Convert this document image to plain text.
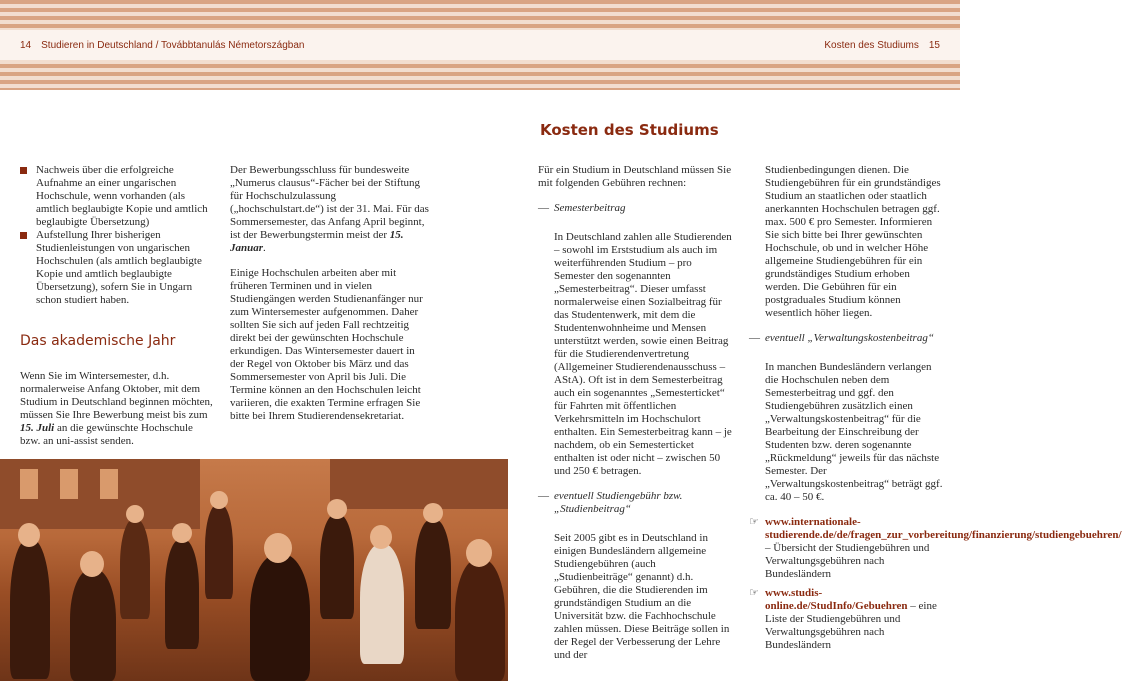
14 Studieren in Deutschland / Továbbtanulás Németországban	Kosten des Studiums 15
Kosten des Studiums
Nachweis über die erfolgreiche Aufnahme an einer ungarischen Hochschule, wenn vorhanden (als amtlich beglaubigte Kopie und amtlich beglaubigte Übersetzung)
Aufstellung Ihrer bisherigen Studienleistungen von ungarischen Hochschulen (als amtlich beglaubigte Kopie und amtlich beglaubigte Übersetzung), sofern Sie in Ungarn schon studiert haben.
Das akademische Jahr

Wenn Sie im Wintersemester, d.h. normalerweise Anfang Oktober, mit dem Studium in Deutschland beginnen möchten, müssen Sie Ihre Bewerbung meist bis zum 15. Juli an die gewünschte Hochschule bzw. an uni-assist senden.

Der Bewerbungsschluss für bundesweite „Numerus clausus“-Fächer bei der Stiftung für Hochschulzulassung („hochschulstart.de“) ist der 31. Mai. Für das Sommersemester, das Anfang April beginnt, ist der Bewerbungstermin meist der 15. Januar.

Einige Hochschulen arbeiten aber mit früheren Terminen und in vielen Studiengängen werden Studienanfänger nur zum Wintersemester aufgenommen. Daher sollten Sie sich auf jeden Fall rechtzeitig direkt bei der gewünschten Hochschule erkundigen. Das Wintersemester dauert in der Regel von Oktober bis März und das Sommersemester von April bis Juli. Die Termine können an den Hochschulen leicht variieren, die exakten Termine erfragen Sie bitte bei Ihrem Studierendensekretariat.

Für ein Studium in Deutschland müssen Sie mit folgenden Gebühren rechnen:

— Semesterbeitrag

In Deutschland zahlen alle Studierenden – sowohl im Erststudium als auch im weiterführenden Studium – pro Semester den sogenannten „Semesterbeitrag“. Dieser umfasst normalerweise einen Sozialbeitrag für das Studentenwerk, mit dem die Studentenwohnheime und Mensen unterstützt werden, sowie einen Beitrag für die Studierendenvertretung (Allgemeiner Studierendenausschuss – AStA). Oft ist in dem Semesterbeitrag auch ein sogenanntes „Semesterticket“ für Fahrten mit öffentlichen Verkehrsmitteln im Hochschulort enthalten. Ein Semesterbeitrag kann – je nachdem, ob ein Semesterticket enthalten ist oder nicht – zwischen 50 und 250 € betragen.

— eventuell Studiengebühr bzw. „Studienbeitrag“

Seit 2005 gibt es in Deutschland in einigen Bundesländern allgemeine Studiengebühren (auch „Studienbeiträge“ genannt) d.h. Gebühren, die die Studierenden im grundständigen Studium an die Universität bzw. die Fachhochschule zahlen müssen. Diese Beiträge sollen in der Regel der Verbesserung der Lehre und der

Studienbedingungen dienen. Die Studiengebühren für ein grundständiges Studium an staatlichen oder staatlich anerkannten Hochschulen betragen ggf. max. 500 € pro Semester. Informieren Sie sich bitte bei Ihrer gewünschten Hochschule, ob und in welcher Höhe allgemeine Studiengebühren für ein grundständiges Studium erhoben werden. Die Gebühren für ein postgraduales Studium können wesentlich höher liegen.

— eventuell „Verwaltungskostenbeitrag“

In manchen Bundesländern verlangen die Hochschulen neben dem Semesterbeitrag und ggf. den Studiengebühren zusätzlich einen „Verwaltungskostenbeitrag“ für die Bearbeitung der Einschreibung der Studenten bzw. deren sogenannte „Rückmeldung“ jeweils für das nächste Semester. Der „Verwaltungskostenbeitrag“ beträgt ggf. ca. 40 – 50 €.

☞ www.internationale-studierende.de/de/fragen_zur_vorbereitung/finanzierung/studiengebuehren/ – Übersicht der Studiengebühren und Verwaltungsgebühren nach Bundesländern
☞ www.studis-online.de/StudInfo/Gebuehren – eine Liste der Studiengebühren und Verwaltungsgebühren nach Bundesländern
